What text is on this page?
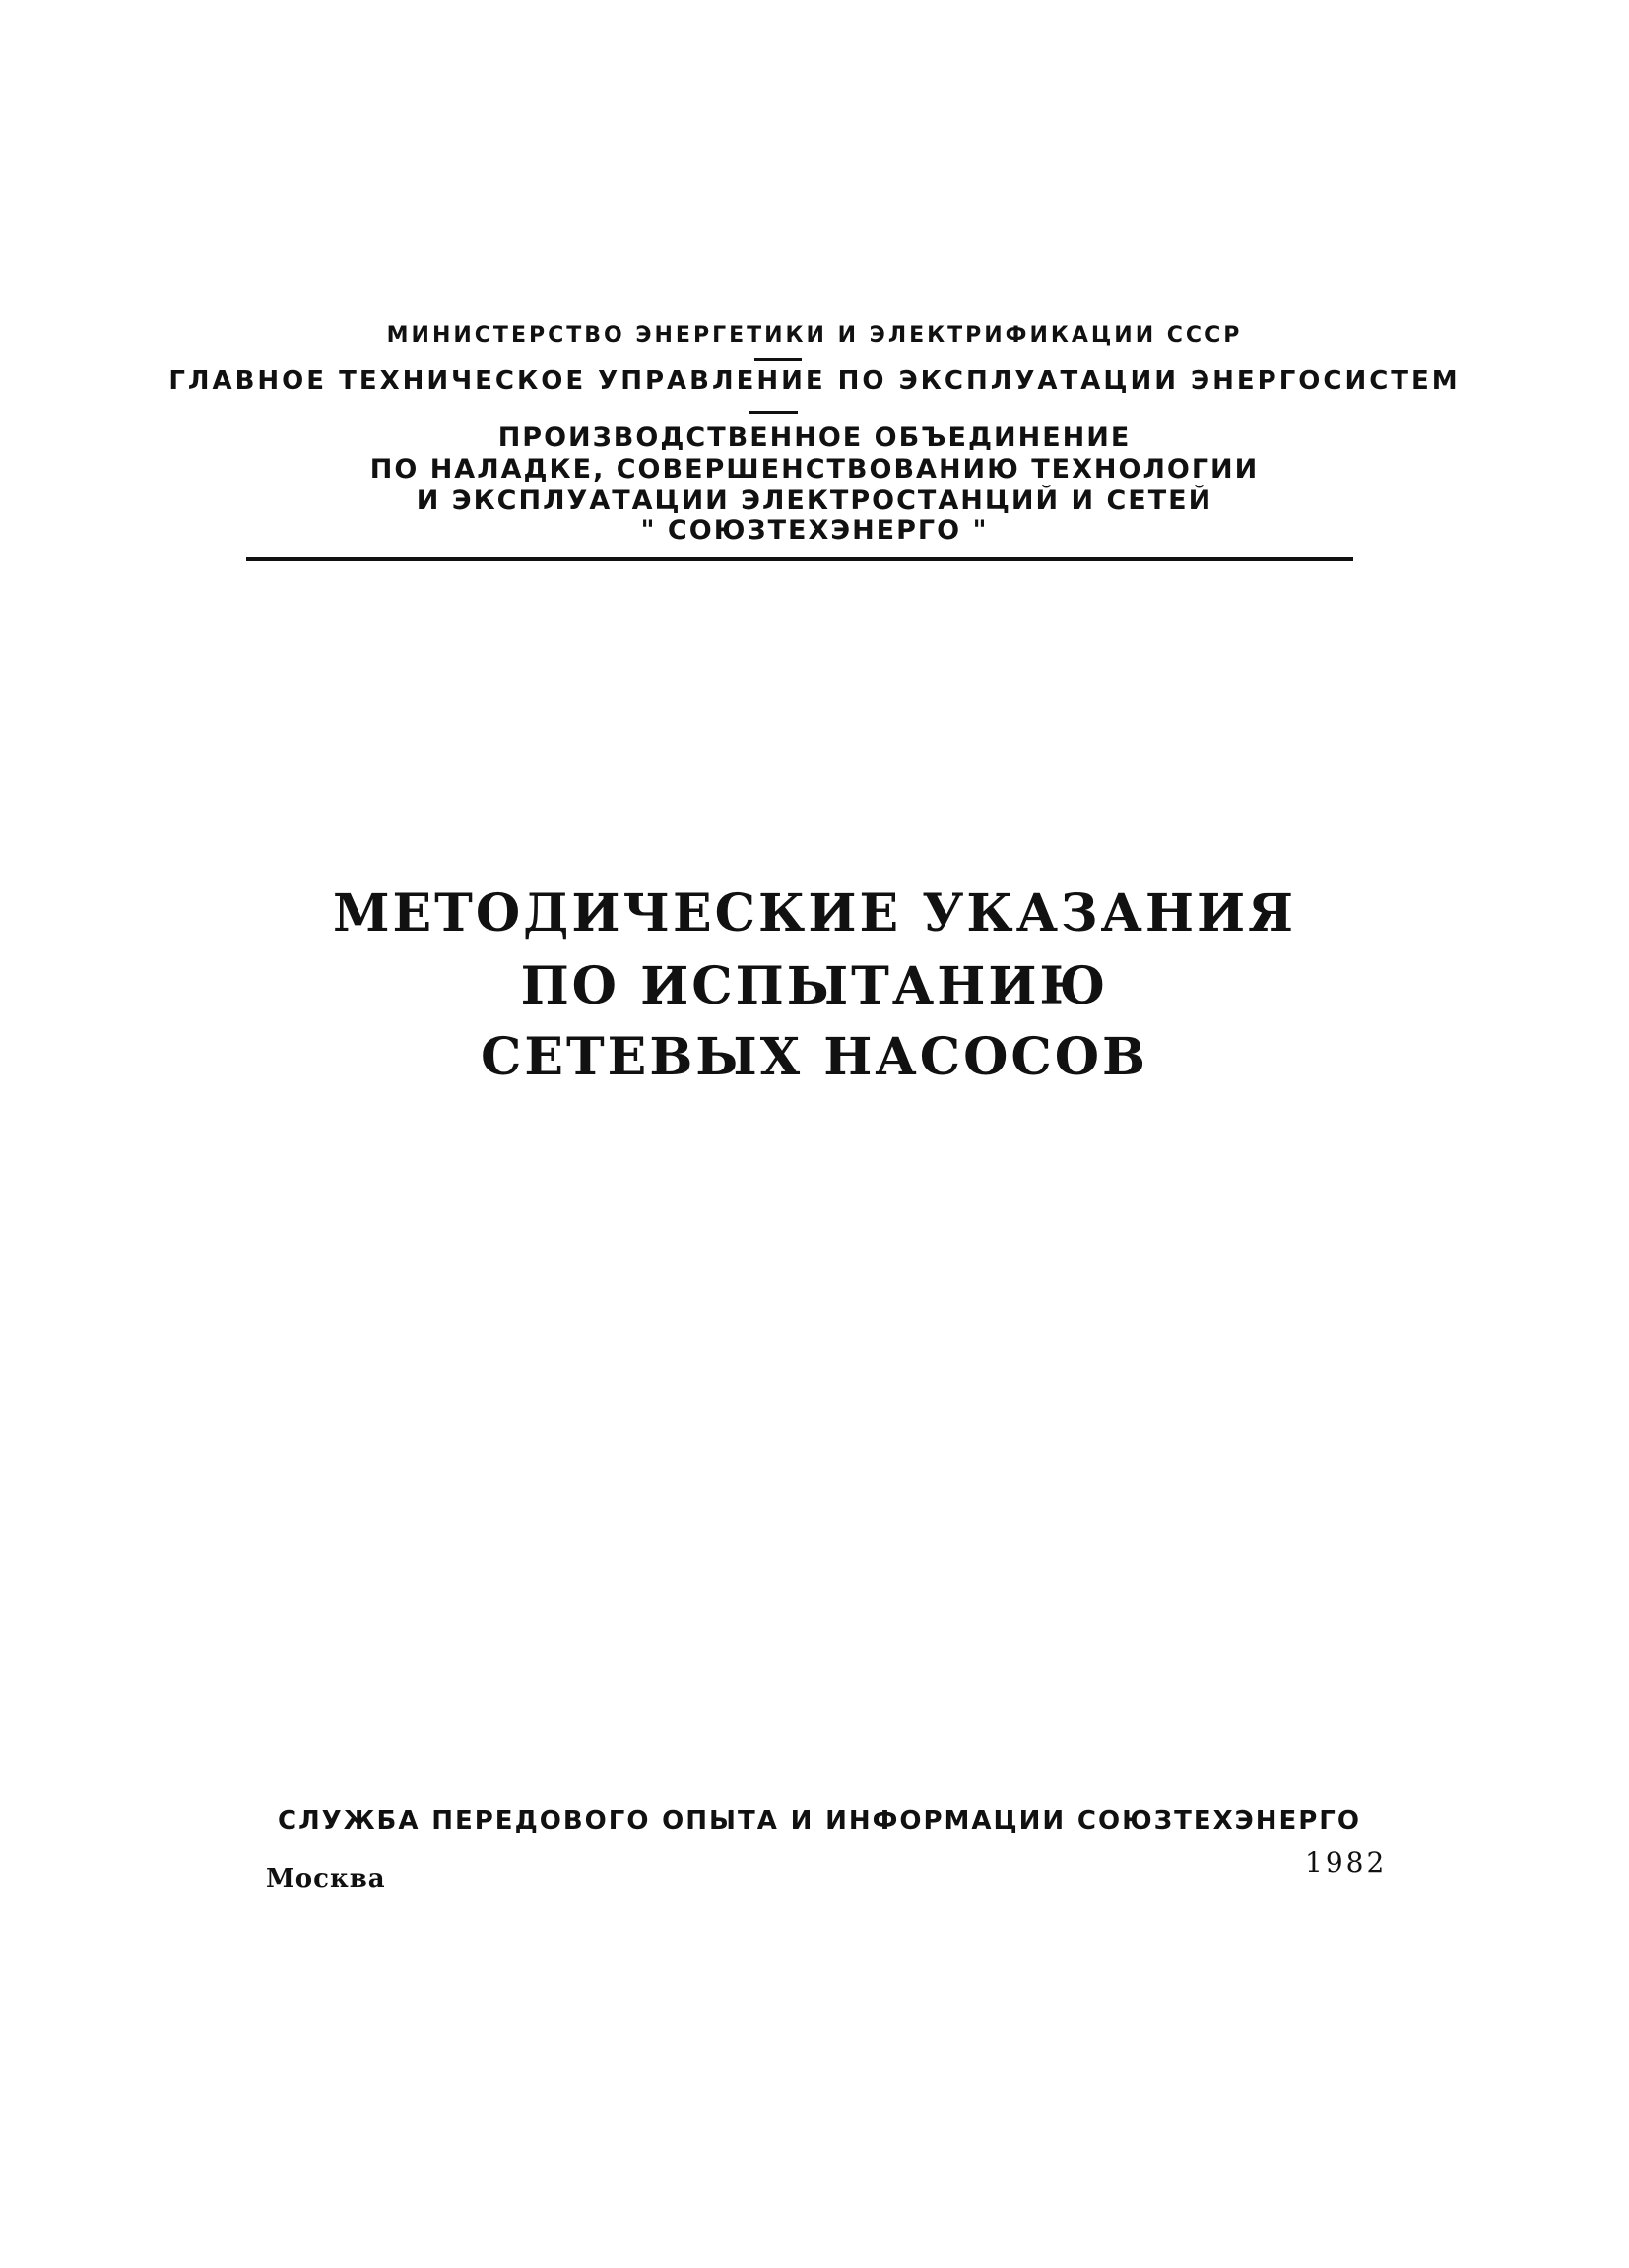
МИНИСТЕРСТВО ЭНЕРГЕТИКИ И ЭЛЕКТРИФИКАЦИИ СССР
ГЛАВНОЕ ТЕХНИЧЕСКОЕ УПРАВЛЕНИЕ ПО ЭКСПЛУАТАЦИИ ЭНЕРГОСИСТЕМ
ПРОИЗВОДСТВЕННОЕ ОБЪЕДИНЕНИЕ
ПО НАЛАДКЕ, СОВЕРШЕНСТВОВАНИЮ ТЕХНОЛОГИИ
И ЭКСПЛУАТАЦИИ ЭЛЕКТРОСТАНЦИЙ И СЕТЕЙ
" СОЮЗТЕХЭНЕРГО "
МЕТОДИЧЕСКИЕ УКАЗАНИЯ
ПО ИСПЫТАНИЮ
СЕТЕВЫХ НАСОСОВ
СЛУЖБА ПЕРЕДОВОГО ОПЫТА И ИНФОРМАЦИИ СОЮЗТЕХЭНЕРГО
Москва	1982
